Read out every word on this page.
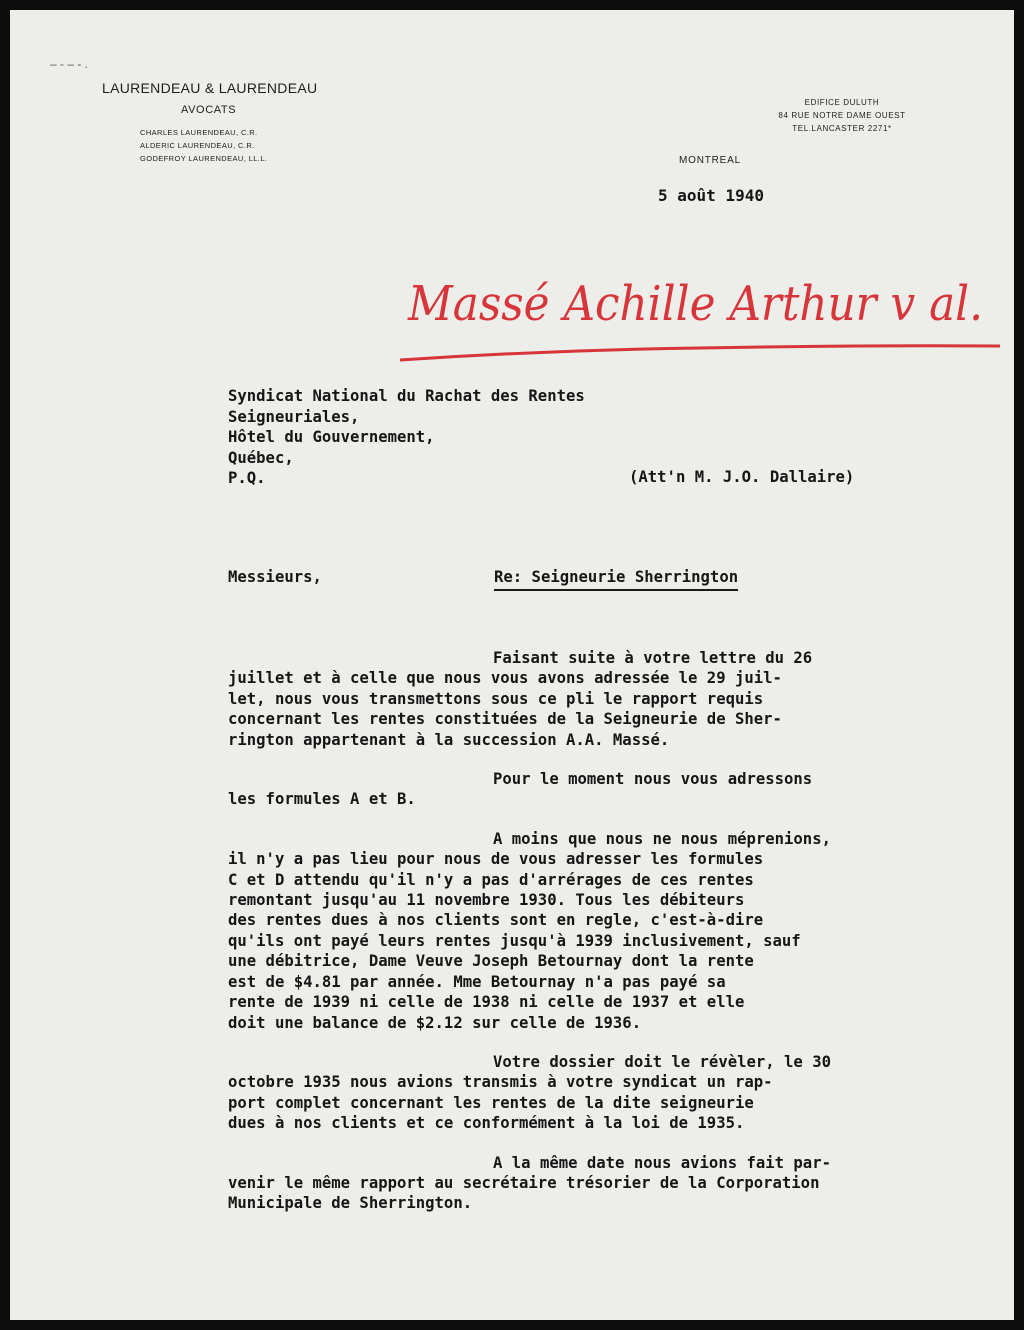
– - – - .
LAURENDEAU & LAURENDEAU
AVOCATS
CHARLES LAURENDEAU, C.R.
ALDERIC LAURENDEAU, C.R.
GODEFROY LAURENDEAU, LL.L.
EDIFICE DULUTH
84 RUE NOTRE DAME OUEST
TEL.LANCASTER 2271*
MONTREAL
5 août 1940
Massé Achille Arthur v al.
Syndicat National du Rachat des Rentes
Seigneuriales,
Hôtel du Gouvernement,
Québec,
P.Q.	(Att'n M. J.O. Dallaire)
Messieurs,	Re: Seigneurie Sherrington

Faisant suite à votre lettre du 26
juillet et à celle que nous vous avons adressée le 29 juil-
let, nous vous transmettons sous ce pli le rapport requis
concernant les rentes constituées de la Seigneurie de Sher-
rington appartenant à la succession A.A. Massé.

Pour le moment nous vous adressons
les formules A et B.

A moins que nous ne nous méprenions,
il n'y a pas lieu pour nous de vous adresser les formules
C et D attendu qu'il n'y a pas d'arrérages de ces rentes
remontant jusqu'au 11 novembre 1930. Tous les débiteurs
des rentes dues à nos clients sont en regle, c'est-à-dire
qu'ils ont payé leurs rentes jusqu'à 1939 inclusivement, sauf
une débitrice, Dame Veuve Joseph Betournay dont la rente
est de $4.81 par année. Mme Betournay n'a pas payé sa
rente de 1939 ni celle de 1938 ni celle de 1937 et elle
doit une balance de $2.12 sur celle de 1936.

Votre dossier doit le révèler, le 30
octobre 1935 nous avions transmis à votre syndicat un rap-
port complet concernant les rentes de la dite seigneurie
dues à nos clients et ce conformément à la loi de 1935.

A la même date nous avions fait par-
venir le même rapport au secrétaire trésorier de la Corporation
Municipale de Sherrington.
